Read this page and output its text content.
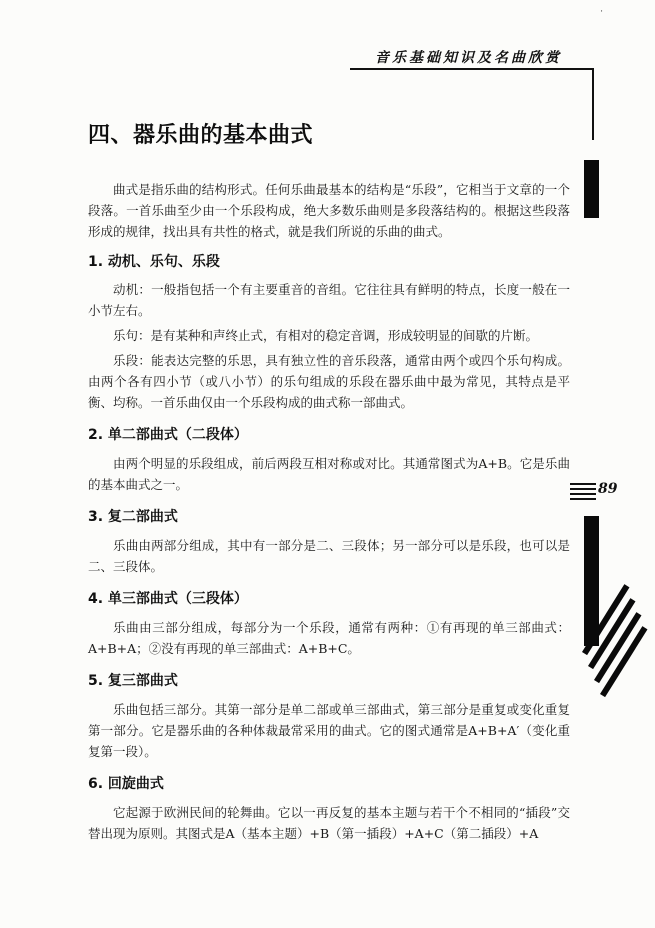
·
音乐基础知识及名曲欣赏
89
四、器乐曲的基本曲式

曲式是指乐曲的结构形式。任何乐曲最基本的结构是“乐段”，它相当于文章的一个段落。一首乐曲至少由一个乐段构成，绝大多数乐曲则是多段落结构的。根据这些段落形成的规律，找出具有共性的格式，就是我们所说的乐曲的曲式。

1. 动机、乐句、乐段

动机：一般指包括一个有主要重音的音组。它往往具有鲜明的特点，长度一般在一小节左右。

乐句：是有某种和声终止式，有相对的稳定音调，形成较明显的间歇的片断。

乐段：能表达完整的乐思，具有独立性的音乐段落，通常由两个或四个乐句构成。由两个各有四小节（或八小节）的乐句组成的乐段在器乐曲中最为常见，其特点是平衡、均称。一首乐曲仅由一个乐段构成的曲式称一部曲式。

2. 单二部曲式（二段体）

由两个明显的乐段组成，前后两段互相对称或对比。其通常图式为A+B。它是乐曲的基本曲式之一。

3. 复二部曲式

乐曲由两部分组成，其中有一部分是二、三段体；另一部分可以是乐段，也可以是二、三段体。

4. 单三部曲式（三段体）

乐曲由三部分组成，每部分为一个乐段，通常有两种：①有再现的单三部曲式：A+B+A；②没有再现的单三部曲式：A+B+C。

5. 复三部曲式

乐曲包括三部分。其第一部分是单二部或单三部曲式，第三部分是重复或变化重复第一部分。它是器乐曲的各种体裁最常采用的曲式。它的图式通常是A+B+A′（变化重复第一段）。

6. 回旋曲式

它起源于欧洲民间的轮舞曲。它以一再反复的基本主题与若干个不相同的“插段”交替出现为原则。其图式是A（基本主题）+B（第一插段）+A+C（第二插段）+A
